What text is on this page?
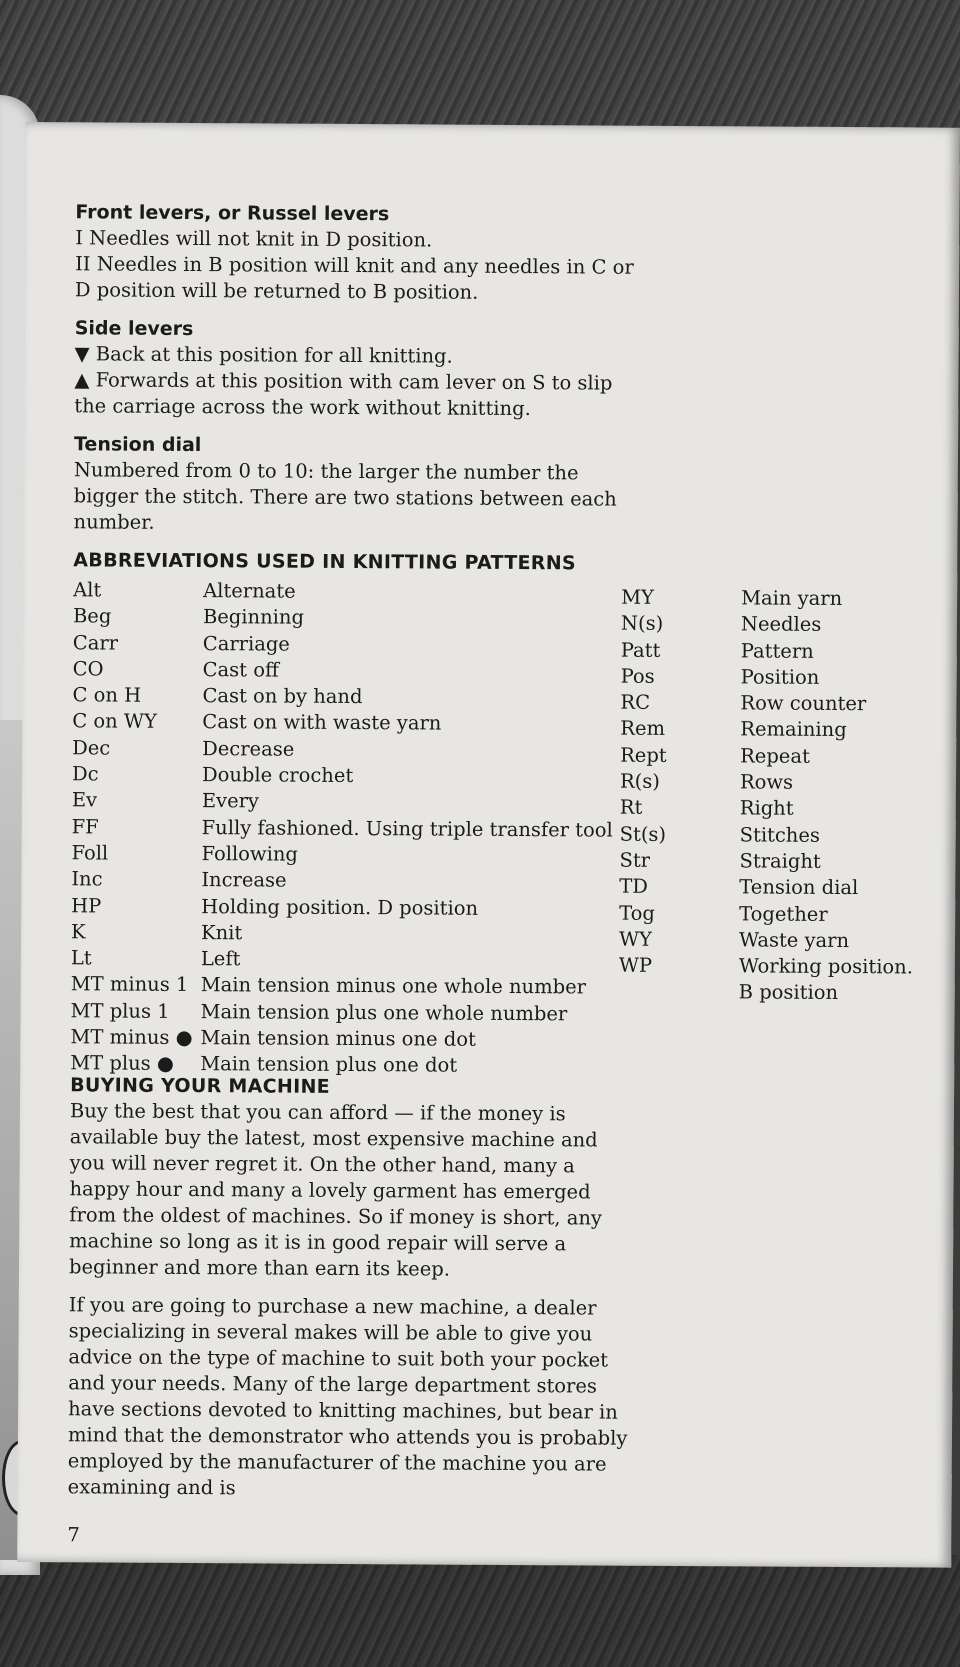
Front levers, or Russel levers

I Needles will not knit in D position.

II Needles in B position will knit and any needles in C or D position will be returned to B position.

Side levers

▼ Back at this position for all knitting.

▲ Forwards at this position with cam lever on S to slip the carriage across the work without knitting.

Tension dial

Numbered from 0 to 10: the larger the number the bigger the stitch. There are two stations between each number.

ABBREVIATIONS USED IN KNITTING PATTERNS

Alt	Alternate
Beg	Beginning
Carr	Carriage
CO	Cast off
C on H	Cast on by hand
C on WY	Cast on with waste yarn
Dec	Decrease
Dc	Double crochet
Ev	Every
FF	Fully fashioned. Using triple transfer tool
Foll	Following
Inc	Increase
HP	Holding position. D position
K	Knit
Lt	Left
MT minus 1 Main tension minus one whole number
MT plus 1	Main tension plus one whole number
MT minus ● Main tension minus one dot
MT plus ●	Main tension plus one dot
MY	Main yarn
N(s)	Needles
Patt	Pattern
Pos	Position
RC	Row counter
Rem	Remaining
Rept	Repeat
R(s)	Rows
Rt	Right
St(s)	Stitches
Str	Straight
TD	Tension dial
Tog	Together
WY	Waste yarn
WP	Working position.
B position

BUYING YOUR MACHINE

Buy the best that you can afford — if the money is available buy the latest, most expensive machine and you will never regret it. On the other hand, many a happy hour and many a lovely garment has emerged from the oldest of machines. So if money is short, any machine so long as it is in good repair will serve a beginner and more than earn its keep.

If you are going to purchase a new machine, a dealer specializing in several makes will be able to give you advice on the type of machine to suit both your pocket and your needs. Many of the large department stores have sections devoted to knitting machines, but bear in mind that the demonstrator who attends you is probably employed by the manufacturer of the machine you are examining and is

7
